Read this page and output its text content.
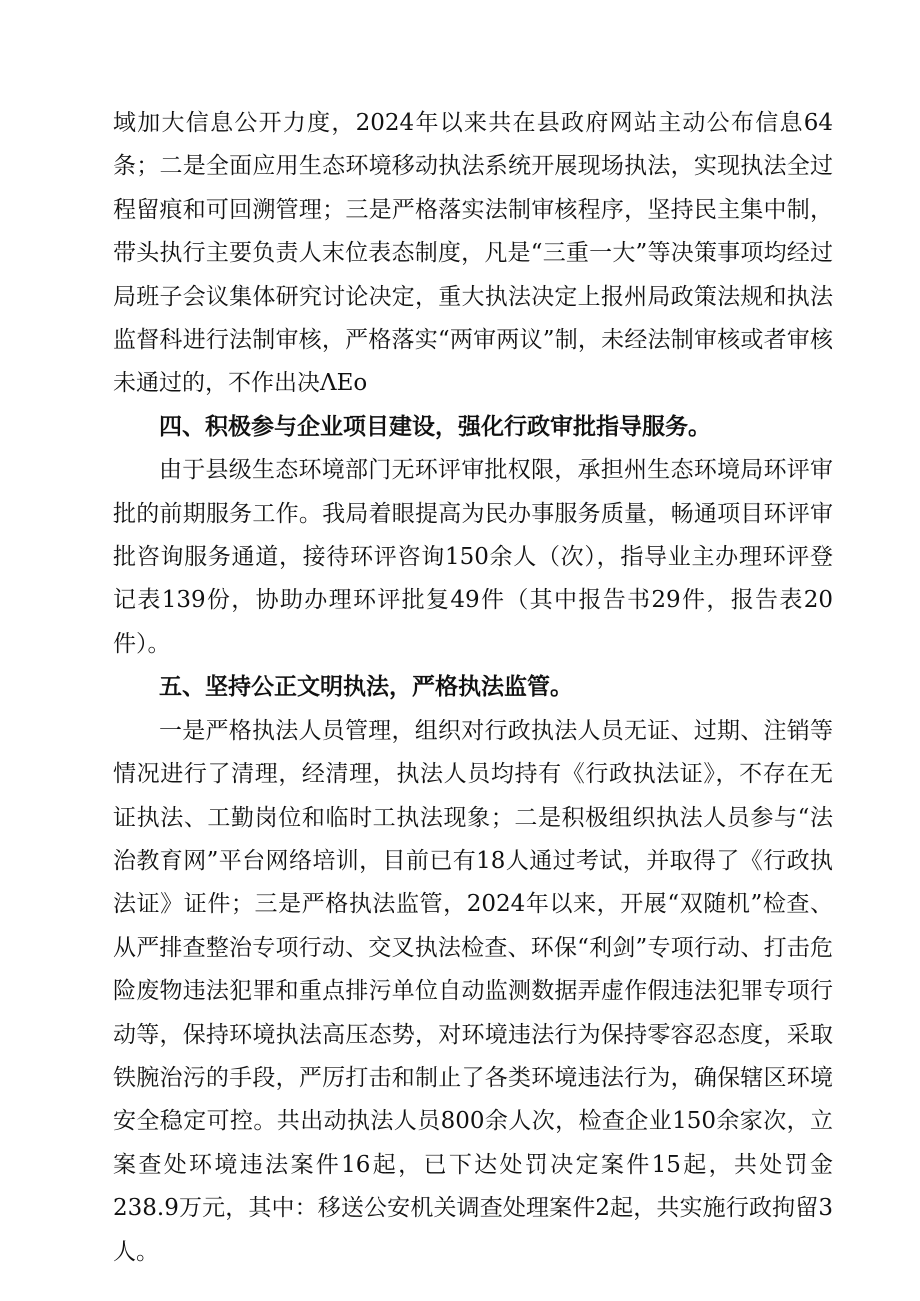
域加大信息公开力度，2024年以来共在县政府网站主动公布信息64条；二是全面应用生态环境移动执法系统开展现场执法，实现执法全过程留痕和可回溯管理；三是严格落实法制审核程序，坚持民主集中制，带头执行主要负责人末位表态制度，凡是“三重一大”等决策事项均经过局班子会议集体研究讨论决定，重大执法决定上报州局政策法规和执法监督科进行法制审核，严格落实“两审两议”制，未经法制审核或者审核未通过的，不作出决ΛEo

四、积极参与企业项目建设，强化行政审批指导服务。

由于县级生态环境部门无环评审批权限，承担州生态环境局环评审批的前期服务工作。我局着眼提高为民办事服务质量，畅通项目环评审批咨询服务通道，接待环评咨询150余人（次），指导业主办理环评登记表139份，协助办理环评批复49件（其中报告书29件，报告表20件）。

五、坚持公正文明执法，严格执法监管。

一是严格执法人员管理，组织对行政执法人员无证、过期、注销等情况进行了清理，经清理，执法人员均持有《行政执法证》，不存在无证执法、工勤岗位和临时工执法现象；二是积极组织执法人员参与“法治教育网”平台网络培训，目前已有18人通过考试，并取得了《行政执法证》证件；三是严格执法监管，2024年以来，开展“双随机”检查、从严排查整治专项行动、交叉执法检查、环保“利剑”专项行动、打击危险废物违法犯罪和重点排污单位自动监测数据弄虚作假违法犯罪专项行动等，保持环境执法高压态势，对环境违法行为保持零容忍态度，采取铁腕治污的手段，严厉打击和制止了各类环境违法行为，确保辖区环境安全稳定可控。共出动执法人员800余人次，检查企业150余家次，立案查处环境违法案件16起，已下达处罚决定案件15起，共处罚金238.9万元，其中：移送公安机关调查处理案件2起，共实施行政拘留3人。
